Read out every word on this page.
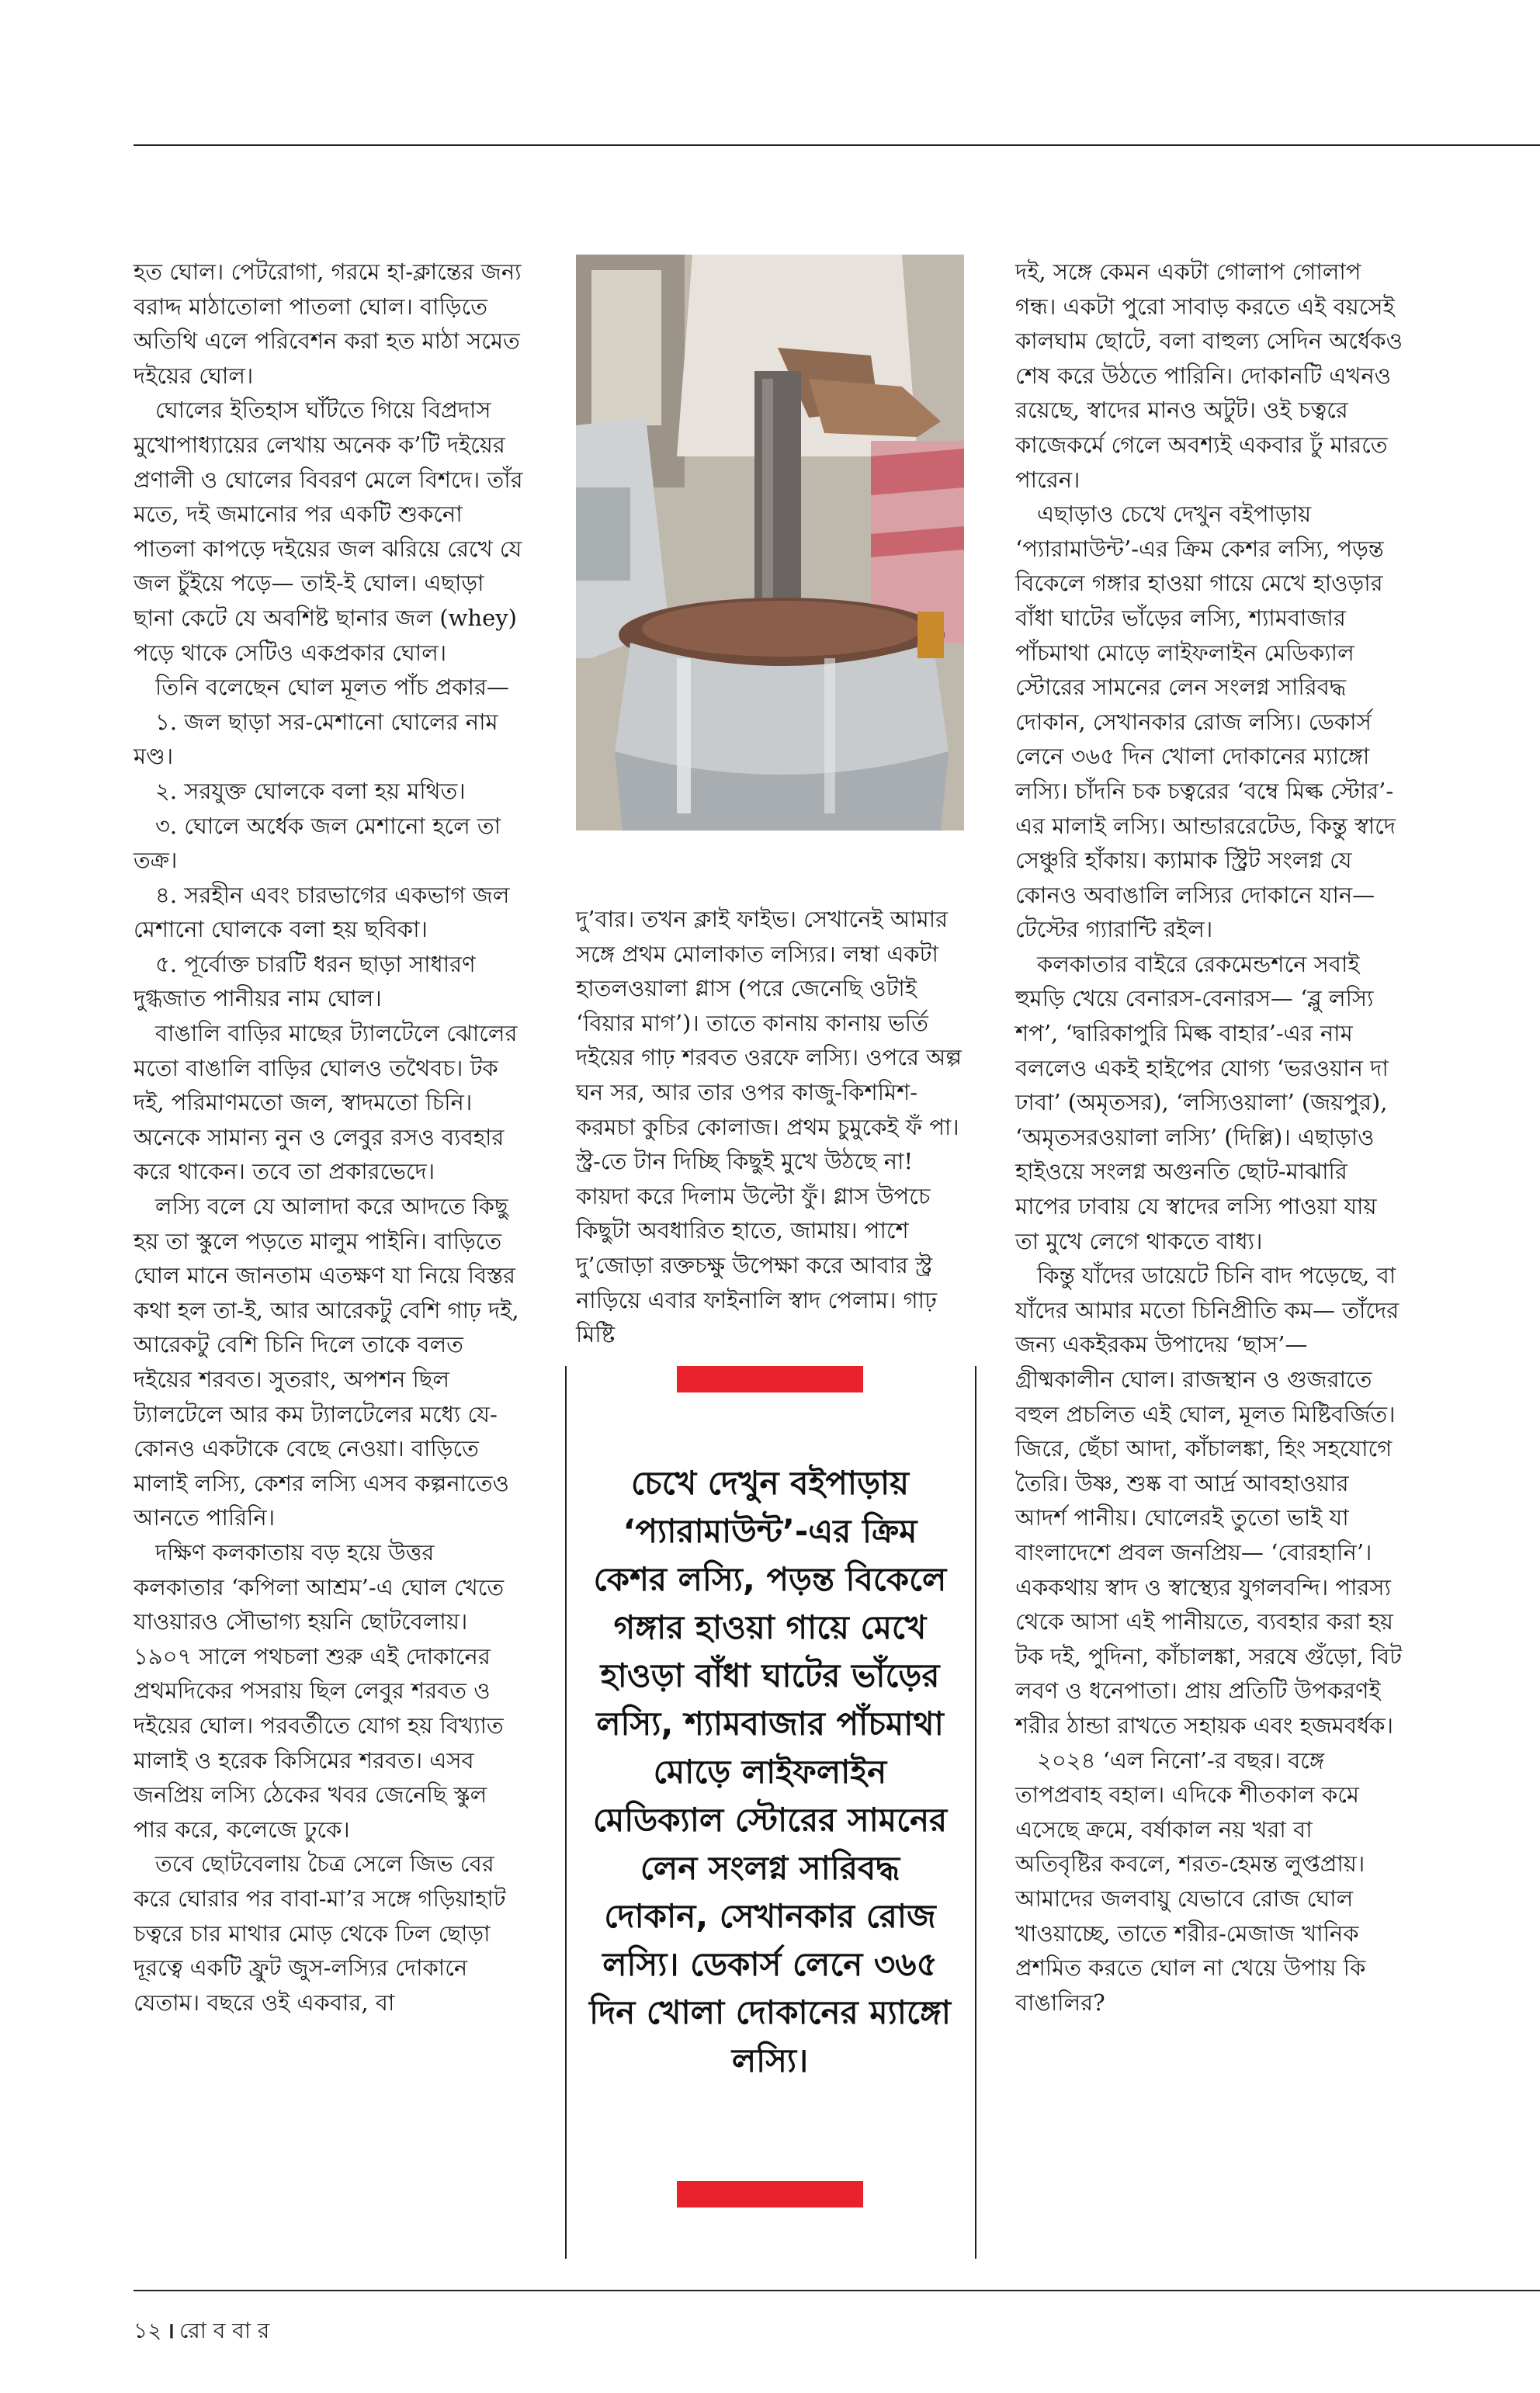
হত ঘোল। পেটরোগা, গরমে হা-ক্লান্তের জন্য বরাদ্দ মাঠাতোলা পাতলা ঘোল। বাড়িতে অতিথি এলে পরিবেশন করা হত মাঠা সমেত দইয়ের ঘোল।

ঘোলের ইতিহাস ঘাঁটতে গিয়ে বিপ্রদাস মুখোপাধ্যায়ের লেখায় অনেক ক’টি দইয়ের প্রণালী ও ঘোলের বিবরণ মেলে বিশদে। তাঁর মতে, দই জমানোর পর একটি শুকনো পাতলা কাপড়ে দইয়ের জল ঝরিয়ে রেখে যে জল চুঁইয়ে পড়ে— তাই-ই ঘোল। এছাড়া ছানা কেটে যে অবশিষ্ট ছানার জল (whey) পড়ে থাকে সেটিও একপ্রকার ঘোল।

তিনি বলেছেন ঘোল মূলত পাঁচ প্রকার—

১. জল ছাড়া সর-মেশানো ঘোলের নাম মণ্ড।

২. সরযুক্ত ঘোলকে বলা হয় মথিত।

৩. ঘোলে অর্ধেক জল মেশানো হলে তা তক্র।

৪. সরহীন এবং চারভাগের একভাগ জল মেশানো ঘোলকে বলা হয় ছবিকা।

৫. পূর্বোক্ত চারটি ধরন ছাড়া সাধারণ দুগ্ধজাত পানীয়র নাম ঘোল।

বাঙালি বাড়ির মাছের ট্যালটেলে ঝোলের মতো বাঙালি বাড়ির ঘোলও তথৈবচ। টক দই, পরিমাণমতো জল, স্বাদমতো চিনি। অনেকে সামান্য নুন ও লেবুর রসও ব্যবহার করে থাকেন। তবে তা প্রকারভেদে।

লস্যি বলে যে আলাদা করে আদতে কিছু হয় তা স্কুলে পড়তে মালুম পাইনি। বাড়িতে ঘোল মানে জানতাম এতক্ষণ যা নিয়ে বিস্তর কথা হল তা-ই, আর আরেকটু বেশি গাঢ় দই, আরেকটু বেশি চিনি দিলে তাকে বলত দইয়ের শরবত। সুতরাং, অপশন ছিল ট্যালটেলে আর কম ট্যালটেলের মধ্যে যে-কোনও একটাকে বেছে নেওয়া। বাড়িতে মালাই লস্যি, কেশর লস্যি এসব কল্পনাতেও আনতে পারিনি।

দক্ষিণ কলকাতায় বড় হয়ে উত্তর কলকাতার ‘কপিলা আশ্রম’-এ ঘোল খেতে যাওয়ারও সৌভাগ্য হয়নি ছোটবেলায়। ১৯০৭ সালে পথচলা শুরু এই দোকানের প্রথমদিকের পসরায় ছিল লেবুর শরবত ও দইয়ের ঘোল। পরবর্তীতে যোগ হয় বিখ্যাত মালাই ও হরেক কিসিমের শরবত। এসব জনপ্রিয় লস্যি ঠেকের খবর জেনেছি স্কুল পার করে, কলেজে ঢুকে।

তবে ছোটবেলায় চৈত্র সেলে জিভ বের করে ঘোরার পর বাবা-মা’র সঙ্গে গড়িয়াহাট চত্বরে চার মাথার মোড় থেকে ঢিল ছোড়া দূরত্বে একটি ফ্রুট জুস-লস্যির দোকানে যেতাম। বছরে ওই একবার, বা

দু’বার। তখন ক্লাই ফাইভ। সেখানেই আমার সঙ্গে প্রথম মোলাকাত লস্যির। লম্বা একটা হাতলওয়ালা গ্লাস (পরে জেনেছি ওটাই ‘বিয়ার মাগ’)। তাতে কানায় কানায় ভর্তি দইয়ের গাঢ় শরবত ওরফে লস্যি। ওপরে অল্প ঘন সর, আর তার ওপর কাজু-কিশমিশ-করমচা কুচির কোলাজ। প্রথম চুমুকেই ফঁ পা। স্ট্র-তে টান দিচ্ছি কিছুই মুখে উঠছে না! কায়দা করে দিলাম উল্টো ফুঁ। গ্লাস উপচে কিছুটা অবধারিত হাতে, জামায়। পাশে দু’জোড়া রক্তচক্ষু উপেক্ষা করে আবার স্ট্র নাড়িয়ে এবার ফাইনালি স্বাদ পেলাম। গাঢ় মিষ্টি

চেখে দেখুন বইপাড়ায় ‘প্যারামাউন্ট’-এর ক্রিম কেশর লস্যি, পড়ন্ত বিকেলে গঙ্গার হাওয়া গায়ে মেখে হাওড়া বাঁধা ঘাটের ভাঁড়ের লস্যি, শ্যামবাজার পাঁচমাথা মোড়ে লাইফলাইন মেডিক্যাল স্টোরের সামনের লেন সংলগ্ন সারিবদ্ধ দোকান, সেখানকার রোজ লস্যি। ডেকার্স লেনে ৩৬৫ দিন খোলা দোকানের ম্যাঙ্গো লস্যি।

দই, সঙ্গে কেমন একটা গোলাপ গোলাপ গন্ধ। একটা পুরো সাবাড় করতে এই বয়সেই কালঘাম ছোটে, বলা বাহুল্য সেদিন অর্ধেকও শেষ করে উঠতে পারিনি। দোকানটি এখনও রয়েছে, স্বাদের মানও অটুট। ওই চত্বরে কাজেকর্মে গেলে অবশ্যই একবার ঢুঁ মারতে পারেন।

এছাড়াও চেখে দেখুন বইপাড়ায় ‘প্যারামাউন্ট’-এর ক্রিম কেশর লস্যি, পড়ন্ত বিকেলে গঙ্গার হাওয়া গায়ে মেখে হাওড়ার বাঁধা ঘাটের ভাঁড়ের লস্যি, শ্যামবাজার পাঁচমাথা মোড়ে লাইফলাইন মেডিক্যাল স্টোরের সামনের লেন সংলগ্ন সারিবদ্ধ দোকান, সেখানকার রোজ লস্যি। ডেকার্স লেনে ৩৬৫ দিন খোলা দোকানের ম্যাঙ্গো লস্যি। চাঁদনি চক চত্বরের ‘বম্বে মিল্ক স্টোর’-এর মালাই লস্যি। আন্ডাররেটেড, কিন্তু স্বাদে সেঞ্চুরি হাঁকায়। ক্যামাক স্ট্রিট সংলগ্ন যে কোনও অবাঙালি লস্যির দোকানে যান— টেস্টের গ্যারান্টি রইল।

কলকাতার বাইরে রেকমেন্ডশনে সবাই হুমড়ি খেয়ে বেনারস-বেনারস— ‘ব্লু লস্যি শপ’, ‘দ্বারিকাপুরি মিল্ক বাহার’-এর নাম বললেও একই হাইপের যোগ্য ‘ভরওয়ান দা ঢাবা’ (অমৃতসর), ‘লস্যিওয়ালা’ (জয়পুর), ‘অমৃতসরওয়ালা লস্যি’ (দিল্লি)। এছাড়াও হাইওয়ে সংলগ্ন অগুনতি ছোট-মাঝারি মাপের ঢাবায় যে স্বাদের লস্যি পাওয়া যায় তা মুখে লেগে থাকতে বাধ্য।

কিন্তু যাঁদের ডায়েটে চিনি বাদ পড়েছে, বা যাঁদের আমার মতো চিনিপ্রীতি কম— তাঁদের জন্য একইরকম উপাদেয় ‘ছাস’— গ্রীষ্মকালীন ঘোল। রাজস্থান ও গুজরাতে বহুল প্রচলিত এই ঘোল, মূলত মিষ্টিবর্জিত। জিরে, ছেঁচা আদা, কাঁচালঙ্কা, হিং সহযোগে তৈরি। উষ্ণ, শুষ্ক বা আর্দ্র আবহাওয়ার আদর্শ পানীয়। ঘোলেরই তুতো ভাই যা বাংলাদেশে প্রবল জনপ্রিয়— ‘বোরহানি’। এককথায় স্বাদ ও স্বাস্থ্যের যুগলবন্দি। পারস্য থেকে আসা এই পানীয়তে, ব্যবহার করা হয় টক দই, পুদিনা, কাঁচালঙ্কা, সরষে গুঁড়ো, বিট লবণ ও ধনেপাতা। প্রায় প্রতিটি উপকরণই শরীর ঠান্ডা রাখতে সহায়ক এবং হজমবর্ধক।

২০২৪ ‘এল নিনো’-র বছর। বঙ্গে তাপপ্রবাহ বহাল। এদিকে শীতকাল কমে এসেছে ক্রমে, বর্ষাকাল নয় খরা বা অতিবৃষ্টির কবলে, শরত-হেমন্ত লুপ্তপ্রায়। আমাদের জলবায়ু যেভাবে রোজ ঘোল খাওয়াচ্ছে, তাতে শরীর-মেজাজ খানিক প্রশমিত করতে ঘোল না খেয়ে উপায় কি বাঙালির?

১২ । রো ব বা র
